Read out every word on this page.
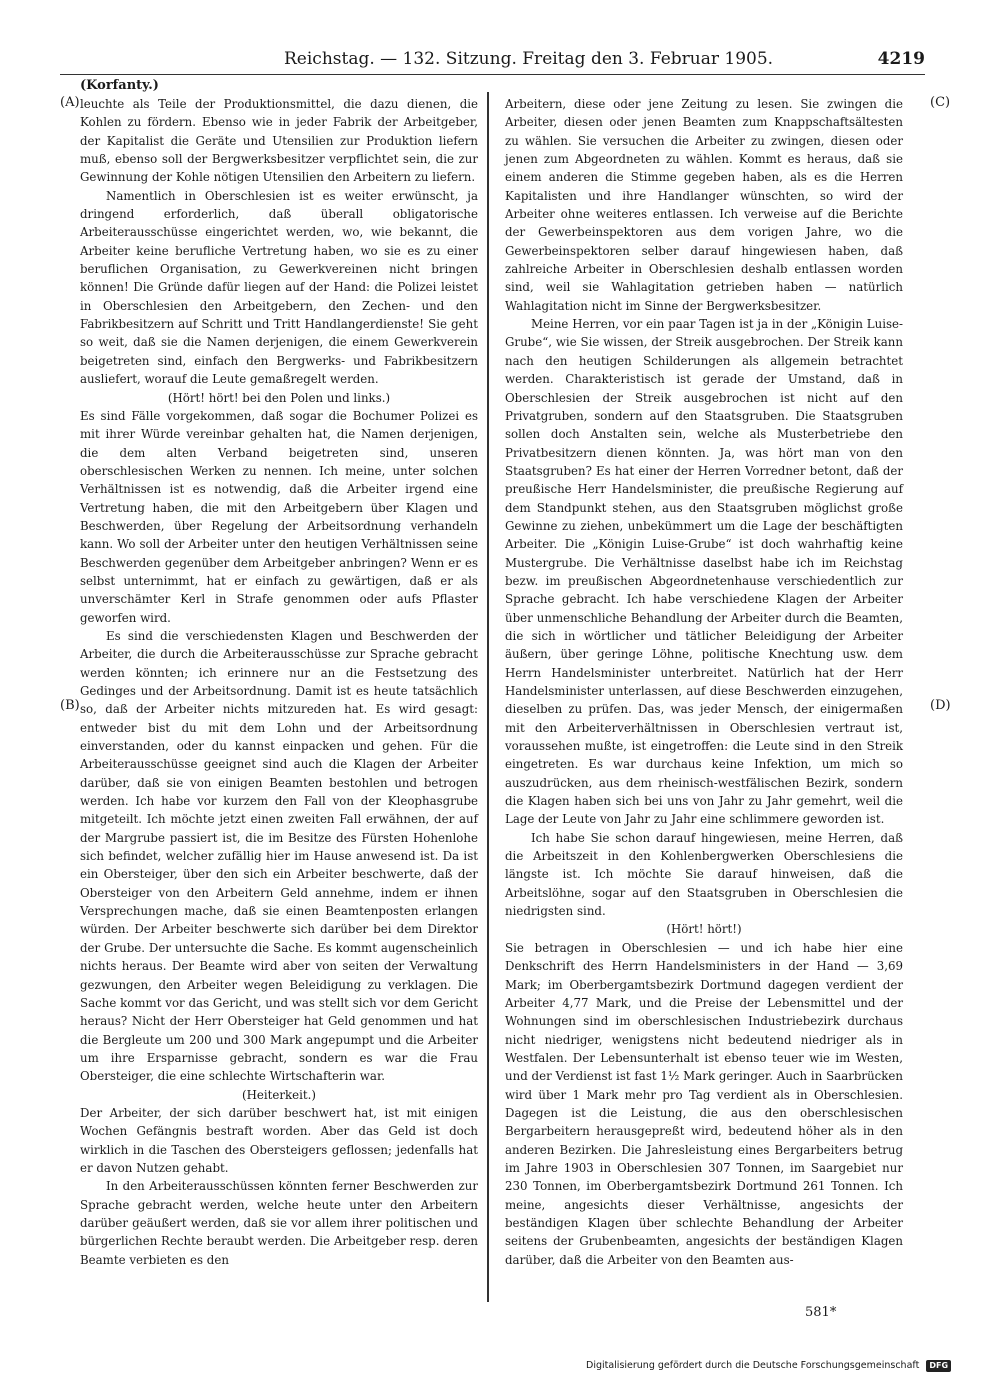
Reichstag. — 132. Sitzung. Freitag den 3. Februar 1905.	4219
(Korfanty.)
(A)
(B)
(C)
(D)

leuchte als Teile der Produktionsmittel, die dazu dienen, die Kohlen zu fördern. Ebenso wie in jeder Fabrik der Arbeitgeber, der Kapitalist die Geräte und Utensilien zur Produktion liefern muß, ebenso soll der Bergwerksbesitzer verpflichtet sein, die zur Gewinnung der Kohle nötigen Utensilien den Arbeitern zu liefern.

Namentlich in Oberschlesien ist es weiter erwünscht, ja dringend erforderlich, daß überall obligatorische Arbeiterausschüsse eingerichtet werden, wo, wie bekannt, die Arbeiter keine berufliche Vertretung haben, wo sie es zu einer beruflichen Organisation, zu Gewerkvereinen nicht bringen können! Die Gründe dafür liegen auf der Hand: die Polizei leistet in Oberschlesien den Arbeitgebern, den Zechen- und den Fabrikbesitzern auf Schritt und Tritt Handlangerdienste! Sie geht so weit, daß sie die Namen derjenigen, die einem Gewerkverein beigetreten sind, einfach den Bergwerks- und Fabrikbesitzern ausliefert, worauf die Leute gemaßregelt werden.

(Hört! hört! bei den Polen und links.)

Es sind Fälle vorgekommen, daß sogar die Bochumer Polizei es mit ihrer Würde vereinbar gehalten hat, die Namen derjenigen, die dem alten Verband beigetreten sind, unseren oberschlesischen Werken zu nennen. Ich meine, unter solchen Verhältnissen ist es notwendig, daß die Arbeiter irgend eine Vertretung haben, die mit den Arbeitgebern über Klagen und Beschwerden, über Regelung der Arbeitsordnung verhandeln kann. Wo soll der Arbeiter unter den heutigen Verhältnissen seine Beschwerden gegenüber dem Arbeitgeber anbringen? Wenn er es selbst unternimmt, hat er einfach zu gewärtigen, daß er als unverschämter Kerl in Strafe genommen oder aufs Pflaster geworfen wird.

Es sind die verschiedensten Klagen und Beschwerden der Arbeiter, die durch die Arbeiterausschüsse zur Sprache gebracht werden könnten; ich erinnere nur an die Festsetzung des Gedinges und der Arbeitsordnung. Damit ist es heute tatsächlich so, daß der Arbeiter nichts mitzureden hat. Es wird gesagt: entweder bist du mit dem Lohn und der Arbeitsordnung einverstanden, oder du kannst einpacken und gehen. Für die Arbeiterausschüsse geeignet sind auch die Klagen der Arbeiter darüber, daß sie von einigen Beamten bestohlen und betrogen werden. Ich habe vor kurzem den Fall von der Kleophasgrube mitgeteilt. Ich möchte jetzt einen zweiten Fall erwähnen, der auf der Margrube passiert ist, die im Besitze des Fürsten Hohenlohe sich befindet, welcher zufällig hier im Hause anwesend ist. Da ist ein Obersteiger, über den sich ein Arbeiter beschwerte, daß der Obersteiger von den Arbeitern Geld annehme, indem er ihnen Versprechungen mache, daß sie einen Beamtenposten erlangen würden. Der Arbeiter beschwerte sich darüber bei dem Direktor der Grube. Der untersuchte die Sache. Es kommt augenscheinlich nichts heraus. Der Beamte wird aber von seiten der Verwaltung gezwungen, den Arbeiter wegen Beleidigung zu verklagen. Die Sache kommt vor das Gericht, und was stellt sich vor dem Gericht heraus? Nicht der Herr Obersteiger hat Geld genommen und hat die Bergleute um 200 und 300 Mark angepumpt und die Arbeiter um ihre Ersparnisse gebracht, sondern es war die Frau Obersteiger, die eine schlechte Wirtschafterin war.

(Heiterkeit.)

Der Arbeiter, der sich darüber beschwert hat, ist mit einigen Wochen Gefängnis bestraft worden. Aber das Geld ist doch wirklich in die Taschen des Obersteigers geflossen; jedenfalls hat er davon Nutzen gehabt.

In den Arbeiterausschüssen könnten ferner Beschwerden zur Sprache gebracht werden, welche heute unter den Arbeitern darüber geäußert werden, daß sie vor allem ihrer politischen und bürgerlichen Rechte beraubt werden. Die Arbeitgeber resp. deren Beamte verbieten es den

Arbeitern, diese oder jene Zeitung zu lesen. Sie zwingen die Arbeiter, diesen oder jenen Beamten zum Knappschaftsältesten zu wählen. Sie versuchen die Arbeiter zu zwingen, diesen oder jenen zum Abgeordneten zu wählen. Kommt es heraus, daß sie einem anderen die Stimme gegeben haben, als es die Herren Kapitalisten und ihre Handlanger wünschten, so wird der Arbeiter ohne weiteres entlassen. Ich verweise auf die Berichte der Gewerbeinspektoren aus dem vorigen Jahre, wo die Gewerbeinspektoren selber darauf hingewiesen haben, daß zahlreiche Arbeiter in Oberschlesien deshalb entlassen worden sind, weil sie Wahlagitation getrieben haben — natürlich Wahlagitation nicht im Sinne der Bergwerksbesitzer.

Meine Herren, vor ein paar Tagen ist ja in der „Königin Luise-Grube“, wie Sie wissen, der Streik ausgebrochen. Der Streik kann nach den heutigen Schilderungen als allgemein betrachtet werden. Charakteristisch ist gerade der Umstand, daß in Oberschlesien der Streik ausgebrochen ist nicht auf den Privatgruben, sondern auf den Staatsgruben. Die Staatsgruben sollen doch Anstalten sein, welche als Musterbetriebe den Privatbesitzern dienen könnten. Ja, was hört man von den Staatsgruben? Es hat einer der Herren Vorredner betont, daß der preußische Herr Handelsminister, die preußische Regierung auf dem Standpunkt stehen, aus den Staatsgruben möglichst große Gewinne zu ziehen, unbekümmert um die Lage der beschäftigten Arbeiter. Die „Königin Luise-Grube“ ist doch wahrhaftig keine Mustergrube. Die Verhältnisse daselbst habe ich im Reichstag bezw. im preußischen Abgeordnetenhause verschiedentlich zur Sprache gebracht. Ich habe verschiedene Klagen der Arbeiter über unmenschliche Behandlung der Arbeiter durch die Beamten, die sich in wörtlicher und tätlicher Beleidigung der Arbeiter äußern, über geringe Löhne, politische Knechtung usw. dem Herrn Handelsminister unterbreitet. Natürlich hat der Herr Handelsminister unterlassen, auf diese Beschwerden einzugehen, dieselben zu prüfen. Das, was jeder Mensch, der einigermaßen mit den Arbeiterverhältnissen in Oberschlesien vertraut ist, voraussehen mußte, ist eingetroffen: die Leute sind in den Streik eingetreten. Es war durchaus keine Infektion, um mich so auszudrücken, aus dem rheinisch-westfälischen Bezirk, sondern die Klagen haben sich bei uns von Jahr zu Jahr gemehrt, weil die Lage der Leute von Jahr zu Jahr eine schlimmere geworden ist.

Ich habe Sie schon darauf hingewiesen, meine Herren, daß die Arbeitszeit in den Kohlenbergwerken Oberschlesiens die längste ist. Ich möchte Sie darauf hinweisen, daß die Arbeitslöhne, sogar auf den Staatsgruben in Oberschlesien die niedrigsten sind.

(Hört! hört!)

Sie betragen in Oberschlesien — und ich habe hier eine Denkschrift des Herrn Handelsministers in der Hand — 3,69 Mark; im Oberbergamtsbezirk Dortmund dagegen verdient der Arbeiter 4,77 Mark, und die Preise der Lebensmittel und der Wohnungen sind im oberschlesischen Industriebezirk durchaus nicht niedriger, wenigstens nicht bedeutend niedriger als in Westfalen. Der Lebensunterhalt ist ebenso teuer wie im Westen, und der Verdienst ist fast 1½ Mark geringer. Auch in Saarbrücken wird über 1 Mark mehr pro Tag verdient als in Oberschlesien. Dagegen ist die Leistung, die aus den oberschlesischen Bergarbeitern herausgepreßt wird, bedeutend höher als in den anderen Bezirken. Die Jahresleistung eines Bergarbeiters betrug im Jahre 1903 in Oberschlesien 307 Tonnen, im Saargebiet nur 230 Tonnen, im Oberbergamtsbezirk Dortmund 261 Tonnen. Ich meine, angesichts dieser Verhältnisse, angesichts der beständigen Klagen über schlechte Behandlung der Arbeiter seitens der Grubenbeamten, angesichts der beständigen Klagen darüber, daß die Arbeiter von den Beamten aus-

581*
Digitalisierung gefördert durch die Deutsche Forschungsgemeinschaft DFG
